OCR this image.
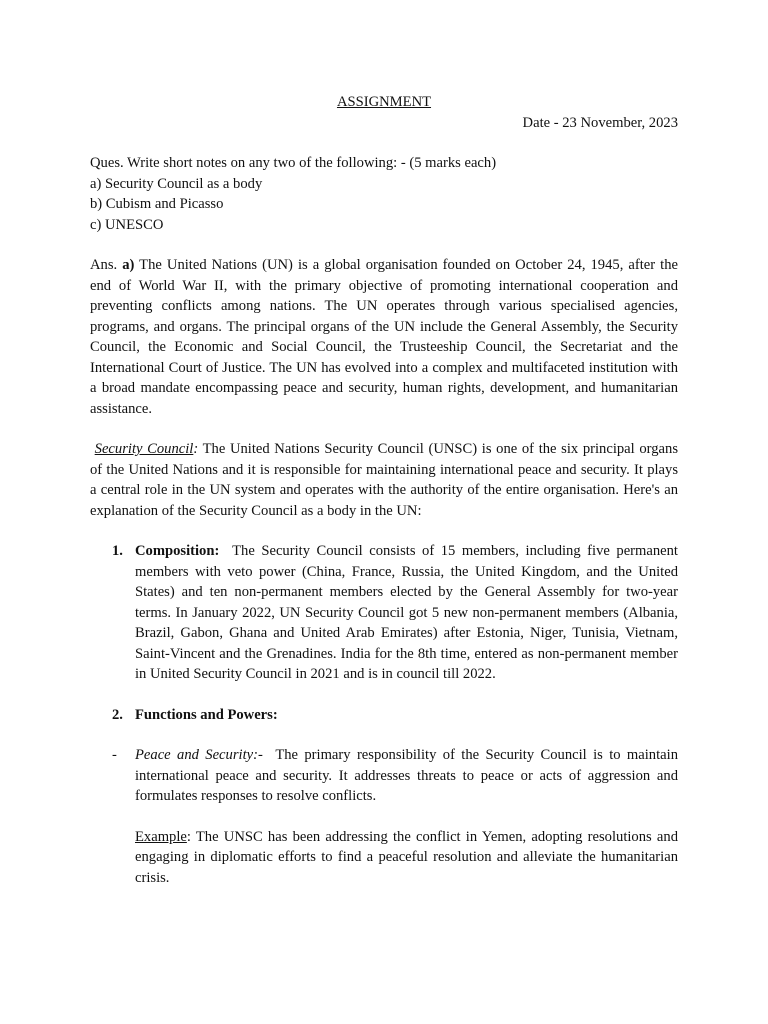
ASSIGNMENT

Date - 23 November, 2023

Ques. Write short notes on any two of the following: - (5 marks each)

a) Security Council as a body

b) Cubism and Picasso

c) UNESCO

Ans. a) The United Nations (UN) is a global organisation founded on October 24, 1945, after the end of World War II, with the primary objective of promoting international cooperation and preventing conflicts among nations. The UN operates through various specialised agencies, programs, and organs. The principal organs of the UN include the General Assembly, the Security Council, the Economic and Social Council, the Trusteeship Council, the Secretariat and the International Court of Justice. The UN has evolved into a complex and multifaceted institution with a broad mandate encompassing peace and security, human rights, development, and humanitarian assistance.

Security Council: The United Nations Security Council (UNSC) is one of the six principal organs of the United Nations and it is responsible for maintaining international peace and security. It plays a central role in the UN system and operates with the authority of the entire organisation. Here's an explanation of the Security Council as a body in the UN:

1. Composition: The Security Council consists of 15 members, including five permanent members with veto power (China, France, Russia, the United Kingdom, and the United States) and ten non-permanent members elected by the General Assembly for two-year terms. In January 2022, UN Security Council got 5 new non-permanent members (Albania, Brazil, Gabon, Ghana and United Arab Emirates) after Estonia, Niger, Tunisia, Vietnam, Saint-Vincent and the Grenadines. India for the 8th time, entered as non-permanent member in United Security Council in 2021 and is in council till 2022.
2. Functions and Powers:
- Peace and Security:- The primary responsibility of the Security Council is to maintain international peace and security. It addresses threats to peace or acts of aggression and formulates responses to resolve conflicts.

Example: The UNSC has been addressing the conflict in Yemen, adopting resolutions and engaging in diplomatic efforts to find a peaceful resolution and alleviate the humanitarian crisis.
